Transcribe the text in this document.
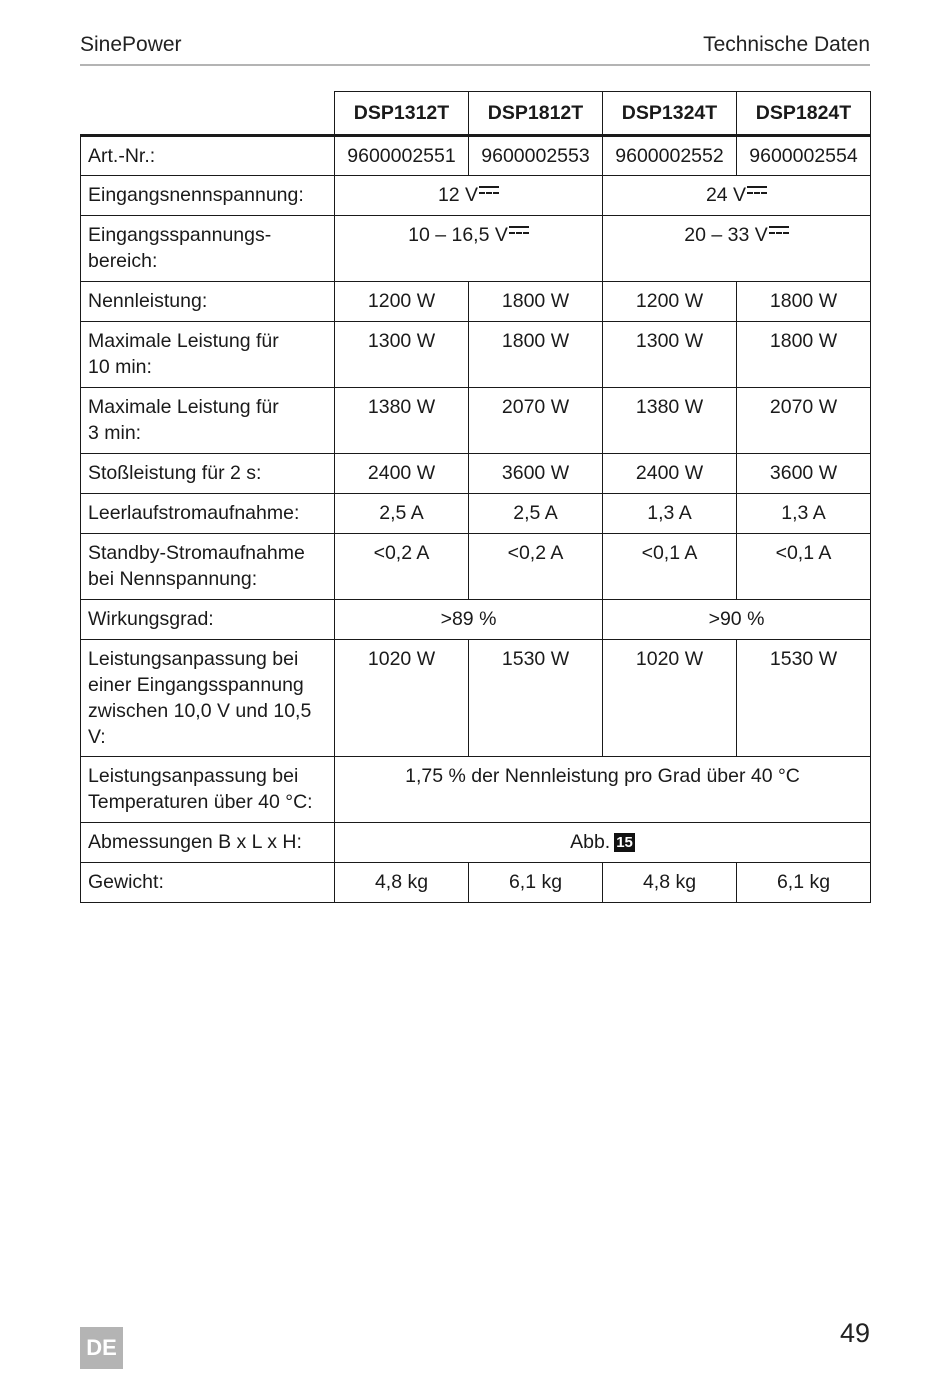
SinePower	Technische Daten
	DSP1312T	DSP1812T	DSP1324T	DSP1824T
Art.-Nr.:	9600002551	9600002553	9600002552	9600002554
Eingangsnennspannung:	12 V		24 V	
Eingangsspannungs-
bereich:	10 – 16,5 V		20 – 33 V	
Nennleistung:	1200 W	1800 W	1200 W	1800 W
Maximale Leistung für
10 min:	1300 W	1800 W	1300 W	1800 W
Maximale Leistung für
3 min:	1380 W	2070 W	1380 W	2070 W
Stoßleistung für 2 s:	2400 W	3600 W	2400 W	3600 W
Leerlaufstromaufnahme:	2,5 A	2,5 A	1,3 A	1,3 A
Standby-Stromaufnahme
bei Nennspannung:	<0,2 A	<0,2 A	<0,1 A	<0,1 A
Wirkungsgrad:	>89 %		>90 %	
Leistungsanpassung bei
einer Eingangsspannung
zwischen 10,0 V und 10,5 V:	1020 W	1530 W	1020 W	1530 W
Leistungsanpassung bei
Temperaturen über 40 °C:	1,75 % der Nennleistung pro Grad über 40 °C			
Abmessungen B x L x H:	Abb. 15			
Gewicht:	4,8 kg	6,1 kg	4,8 kg	6,1 kg
DE	49
